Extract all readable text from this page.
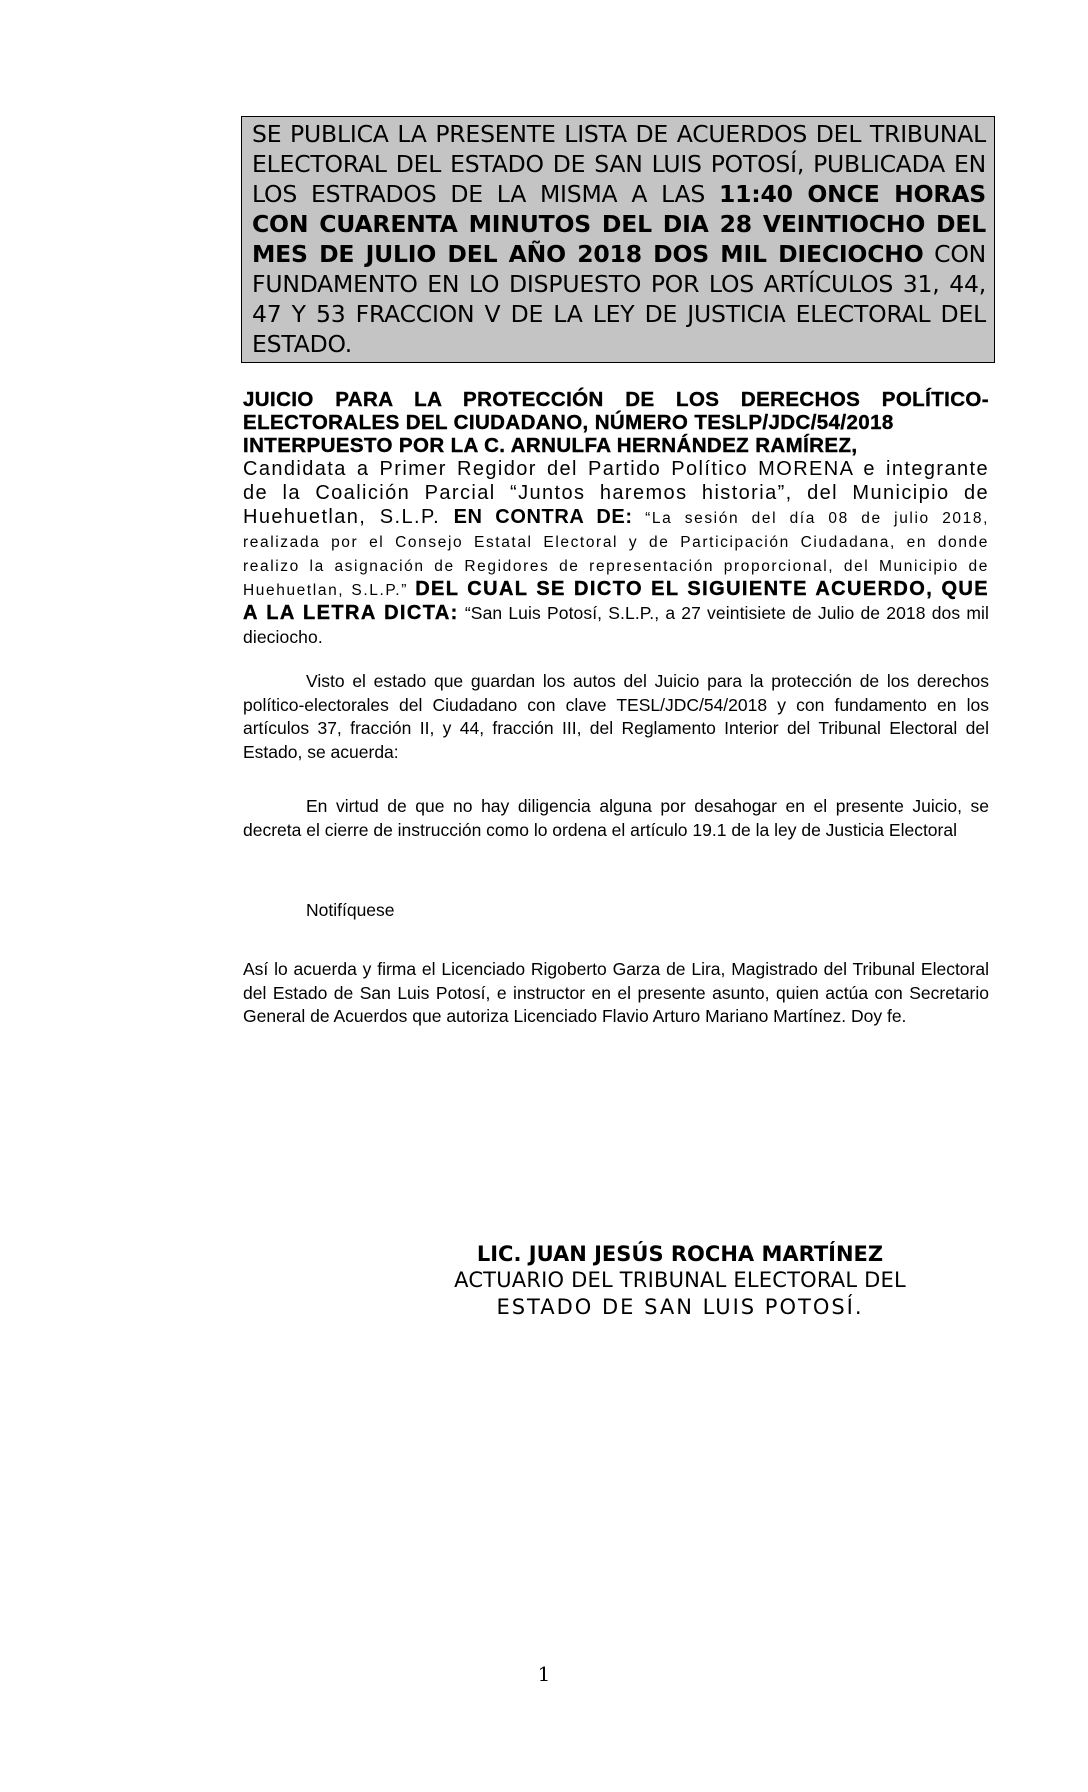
SE PUBLICA LA PRESENTE LISTA DE ACUERDOS DEL TRIBUNAL ELECTORAL DEL ESTADO DE SAN LUIS POTOSÍ, PUBLICADA EN LOS ESTRADOS DE LA MISMA A LAS 11:40 ONCE HORAS CON CUARENTA MINUTOS DEL DIA 28 VEINTIOCHO DEL MES DE JULIO DEL AÑO 2018 DOS MIL DIECIOCHO CON FUNDAMENTO EN LO DISPUESTO POR LOS ARTÍCULOS 31, 44, 47 Y 53 FRACCION V DE LA LEY DE JUSTICIA ELECTORAL DEL ESTADO.
JUICIO PARA LA PROTECCIÓN DE LOS DERECHOS POLÍTICO-ELECTORALES DEL CIUDADANO, NÚMERO TESLP/JDC/54/2018
INTERPUESTO POR LA C. ARNULFA HERNÁNDEZ RAMÍREZ,
Candidata a Primer Regidor del Partido Político MORENA e integrante de la Coalición Parcial “Juntos haremos historia”, del Municipio de Huehuetlan, S.L.P. EN CONTRA DE: “La sesión del día 08 de julio 2018, realizada por el Consejo Estatal Electoral y de Participación Ciudadana, en donde realizo la asignación de Regidores de representación proporcional, del Municipio de Huehuetlan, S.L.P.” DEL CUAL SE DICTO EL SIGUIENTE ACUERDO, QUE A LA LETRA DICTA: “San Luis Potosí, S.L.P., a 27 veintisiete de Julio de 2018 dos mil dieciocho.
Visto el estado que guardan los autos del Juicio para la protección de los derechos político-electorales del Ciudadano con clave TESL/JDC/54/2018 y con fundamento en los artículos 37, fracción II, y 44, fracción III, del Reglamento Interior del Tribunal Electoral del Estado, se acuerda:
En virtud de que no hay diligencia alguna por desahogar en el presente Juicio, se decreta el cierre de instrucción como lo ordena el artículo 19.1 de la ley de Justicia Electoral
Notifíquese
Así lo acuerda y firma el Licenciado Rigoberto Garza de Lira, Magistrado del Tribunal Electoral del Estado de San Luis Potosí, e instructor en el presente asunto, quien actúa con Secretario General de Acuerdos que autoriza Licenciado Flavio Arturo Mariano Martínez. Doy fe.
LIC. JUAN JESÚS ROCHA MARTÍNEZ
ACTUARIO DEL TRIBUNAL ELECTORAL DEL
ESTADO DE SAN LUIS POTOSÍ.
1
